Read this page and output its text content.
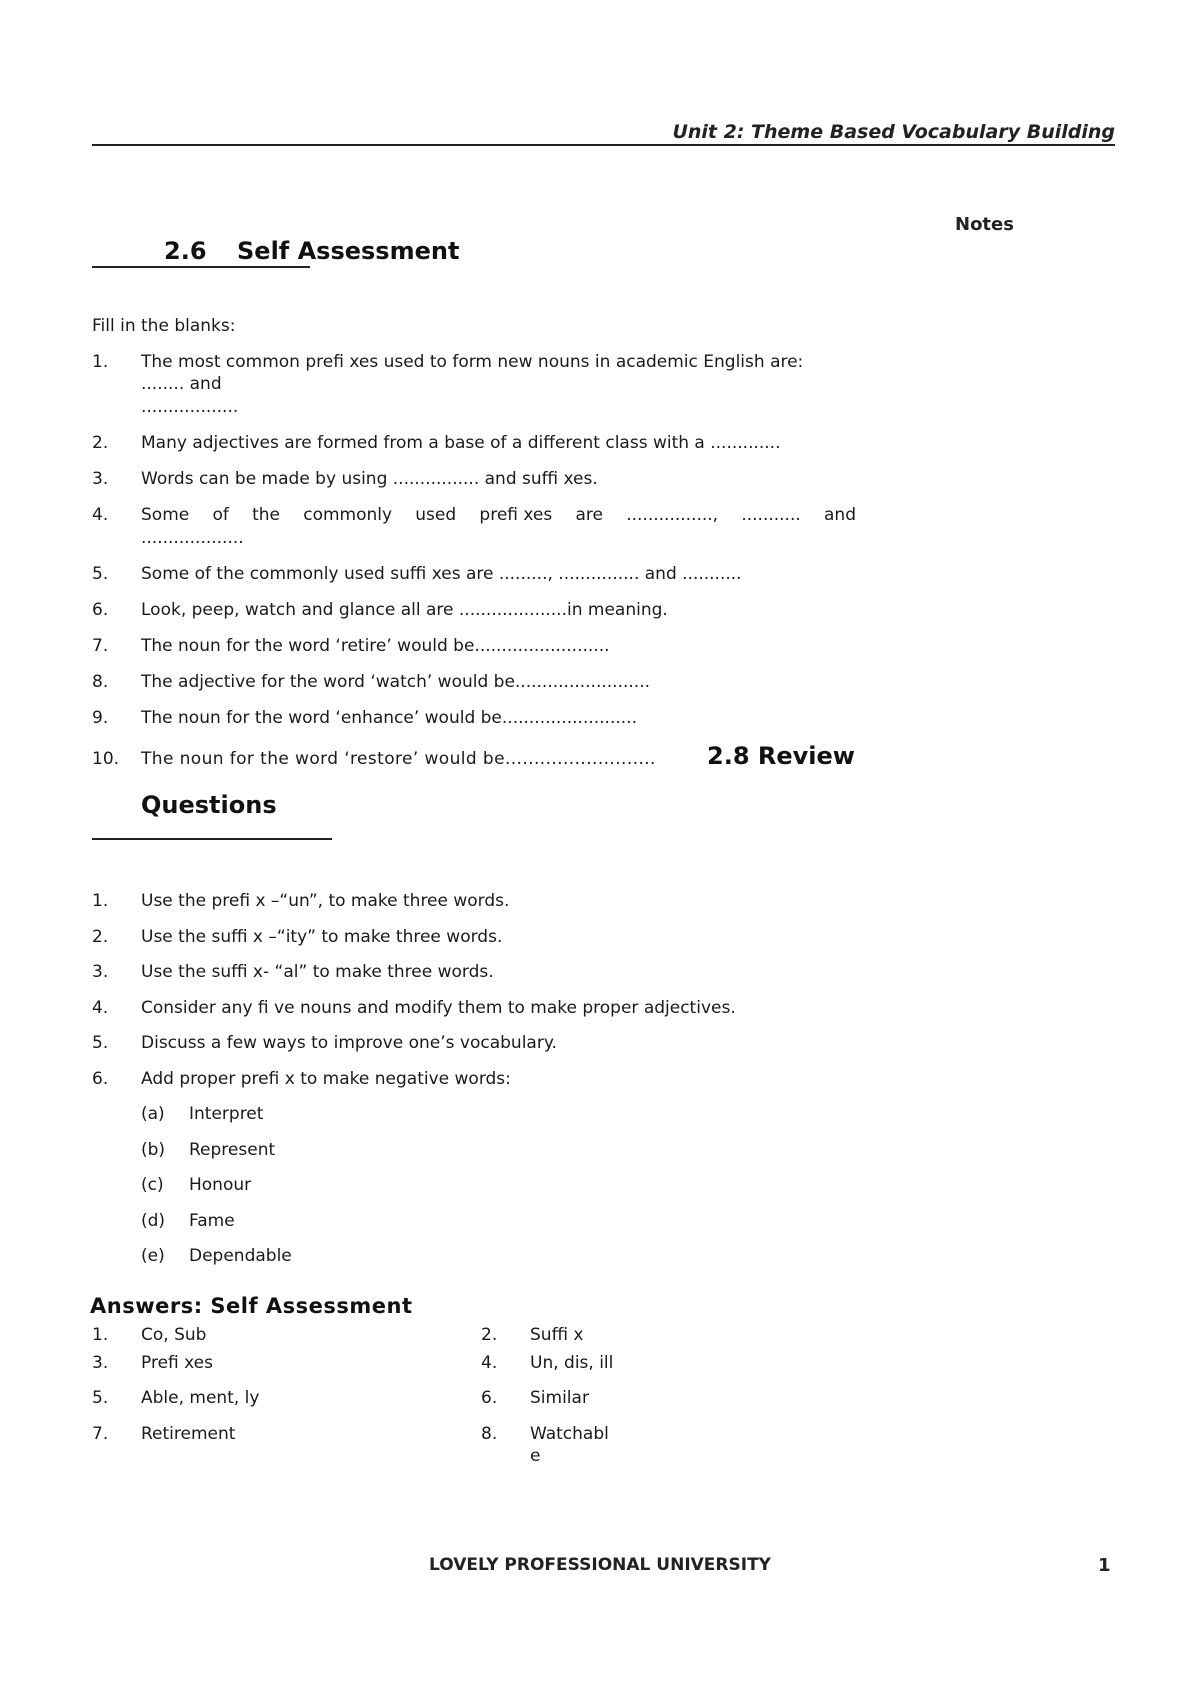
Unit 2: Theme Based Vocabulary Building
Notes
2.6 Self Assessment
Fill in the blanks:
1. The most common prefi xes used to form new nouns in academic English are:
........ and
..................
2. Many adjectives are formed from a base of a different class with a .............
3. Words can be made by using ................ and suffi xes.
4. Some of the commonly used prefi xes are ................, ........... and
...................
5. Some of the commonly used suffi xes are ........., ............... and ...........
6. Look, peep, watch and glance all are ....................in meaning.
7. The noun for the word ‘retire’ would be.........................
8. The adjective for the word ‘watch’ would be.........................
9. The noun for the word ‘enhance’ would be.........................
10. The noun for the word ‘restore’ would be.......................... 2.8 Review
Questions
1. Use the prefi x –“un”, to make three words.
2. Use the suffi x –“ity” to make three words.
3. Use the suffi x- “al” to make three words.
4. Consider any fi ve nouns and modify them to make proper adjectives.
5. Discuss a few ways to improve one’s vocabulary.
6. Add proper prefi x to make negative words:
(a) Interpret
(b) Represent
(c) Honour
(d) Fame
(e) Dependable
Answers: Self Assessment
1. Co, Sub	2. Suffi x
3. Prefi xes	4. Un, dis, ill
5. Able, ment, ly	6. Similar
7. Retirement	8. Watchabl
e
LOVELY PROFESSIONAL UNIVERSITY	1
